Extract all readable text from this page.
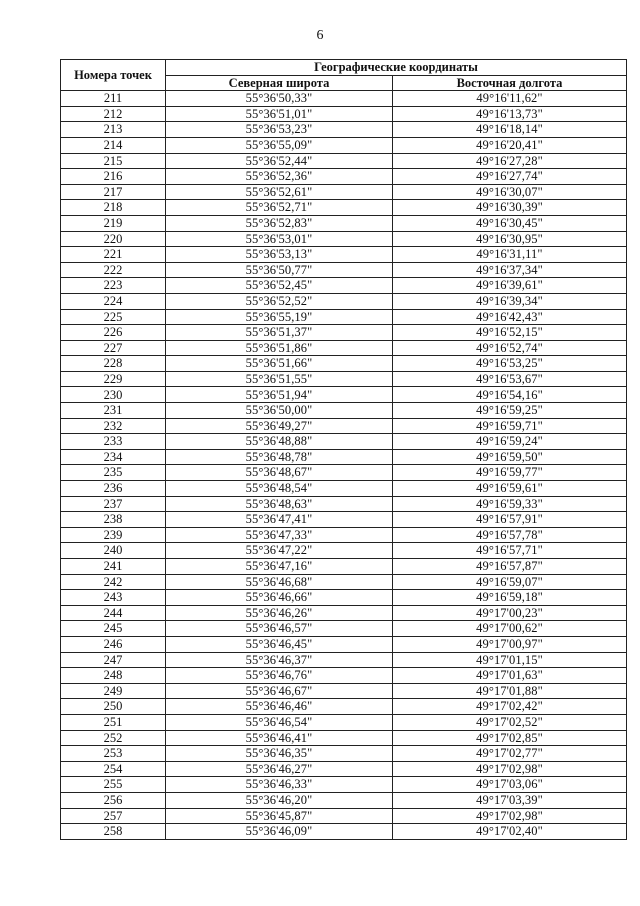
6
Номера точек	Географические координаты	
	Северная широта	Восточная долгота
211	55°36'50,33"	49°16'11,62"
212	55°36'51,01"	49°16'13,73"
213	55°36'53,23"	49°16'18,14"
214	55°36'55,09"	49°16'20,41"
215	55°36'52,44"	49°16'27,28"
216	55°36'52,36"	49°16'27,74"
217	55°36'52,61"	49°16'30,07"
218	55°36'52,71"	49°16'30,39"
219	55°36'52,83"	49°16'30,45"
220	55°36'53,01"	49°16'30,95"
221	55°36'53,13"	49°16'31,11"
222	55°36'50,77"	49°16'37,34"
223	55°36'52,45"	49°16'39,61"
224	55°36'52,52"	49°16'39,34"
225	55°36'55,19"	49°16'42,43"
226	55°36'51,37"	49°16'52,15"
227	55°36'51,86"	49°16'52,74"
228	55°36'51,66"	49°16'53,25"
229	55°36'51,55"	49°16'53,67"
230	55°36'51,94"	49°16'54,16"
231	55°36'50,00"	49°16'59,25"
232	55°36'49,27"	49°16'59,71"
233	55°36'48,88"	49°16'59,24"
234	55°36'48,78"	49°16'59,50"
235	55°36'48,67"	49°16'59,77"
236	55°36'48,54"	49°16'59,61"
237	55°36'48,63"	49°16'59,33"
238	55°36'47,41"	49°16'57,91"
239	55°36'47,33"	49°16'57,78"
240	55°36'47,22"	49°16'57,71"
241	55°36'47,16"	49°16'57,87"
242	55°36'46,68"	49°16'59,07"
243	55°36'46,66"	49°16'59,18"
244	55°36'46,26"	49°17'00,23"
245	55°36'46,57"	49°17'00,62"
246	55°36'46,45"	49°17'00,97"
247	55°36'46,37"	49°17'01,15"
248	55°36'46,76"	49°17'01,63"
249	55°36'46,67"	49°17'01,88"
250	55°36'46,46"	49°17'02,42"
251	55°36'46,54"	49°17'02,52"
252	55°36'46,41"	49°17'02,85"
253	55°36'46,35"	49°17'02,77"
254	55°36'46,27"	49°17'02,98"
255	55°36'46,33"	49°17'03,06"
256	55°36'46,20"	49°17'03,39"
257	55°36'45,87"	49°17'02,98"
258	55°36'46,09"	49°17'02,40"
